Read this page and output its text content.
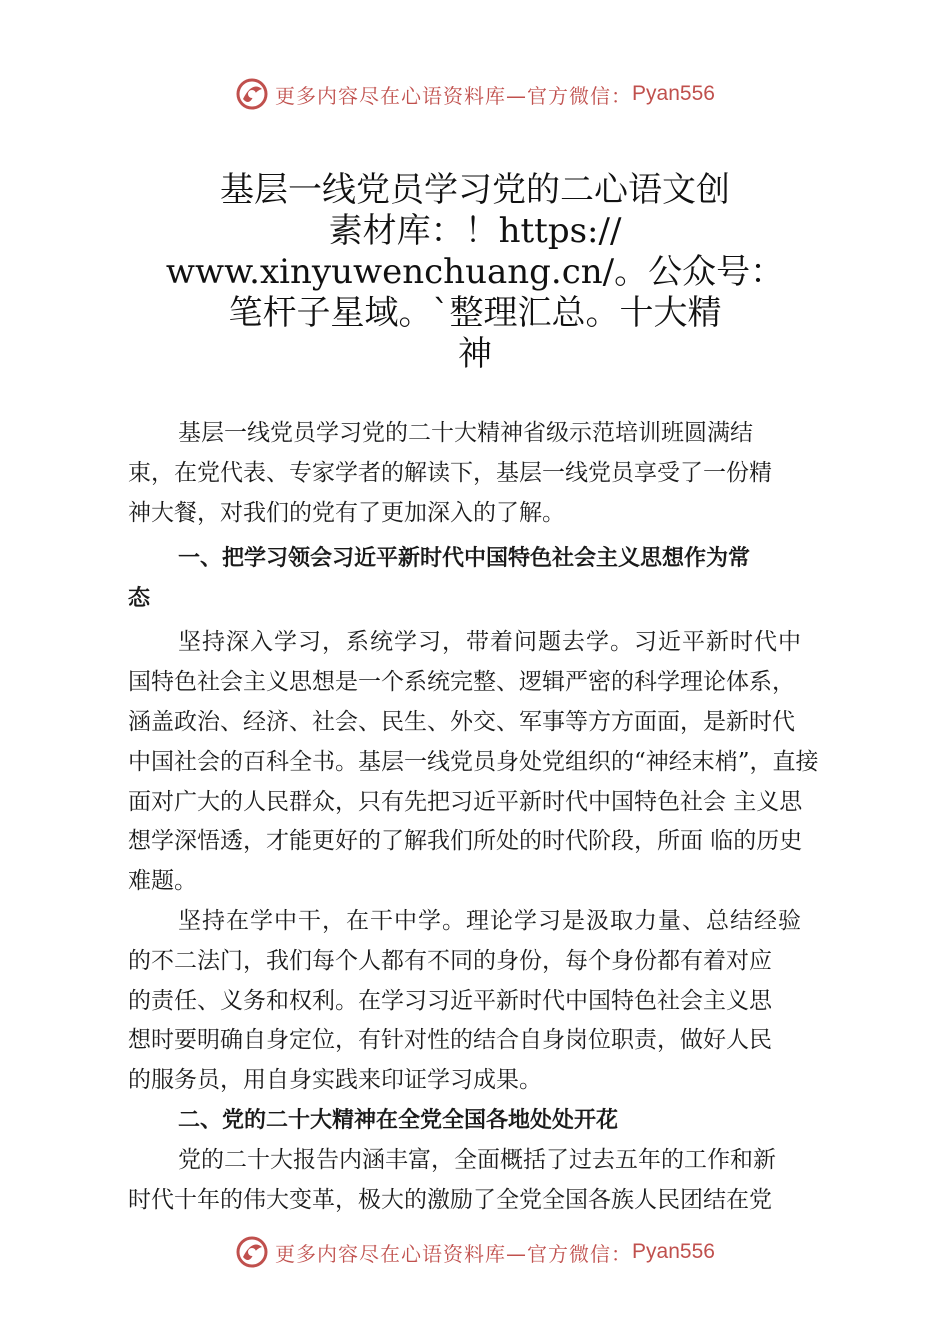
更多内容尽在心语资料库—官方微信： Pyan556
基层一线党员学习党的二心语文创
素材库：！https://
www.xinyuwenchuang.cn/。公众号：
笔杆子星域。`整理汇总。十大精
神

基层一线党员学习党的二十大精神省级示范培训班圆满结

束，在党代表、专家学者的解读下，基层一线党员享受了一份精

神大餐，对我们的党有了更加深入的了解。

一、把学习领会习近平新时代中国特色社会主义思想作为常

态

坚持深入学习，系统学习，带着问题去学。习近平新时代中

国特色社会主义思想是一个系统完整、逻辑严密的科学理论体系，

涵盖政治、经济、社会、民生、外交、军事等方方面面，是新时代

中国社会的百科全书。基层一线党员身处党组织的“神经末梢”，直接

面对广大的人民群众，只有先把习近平新时代中国特色社会 主义思

想学深悟透，才能更好的了解我们所处的时代阶段，所面 临的历史

难题。

坚持在学中干，在干中学。理论学习是汲取力量、总结经验

的不二法门，我们每个人都有不同的身份，每个身份都有着对应

的责任、义务和权利。在学习习近平新时代中国特色社会主义思

想时要明确自身定位，有针对性的结合自身岗位职责，做好人民

的服务员，用自身实践来印证学习成果。

二、党的二十大精神在全党全国各地处处开花

党的二十大报告内涵丰富，全面概括了过去五年的工作和新

时代十年的伟大变革，极大的激励了全党全国各族人民团结在党

更多内容尽在心语资料库—官方微信： Pyan556
